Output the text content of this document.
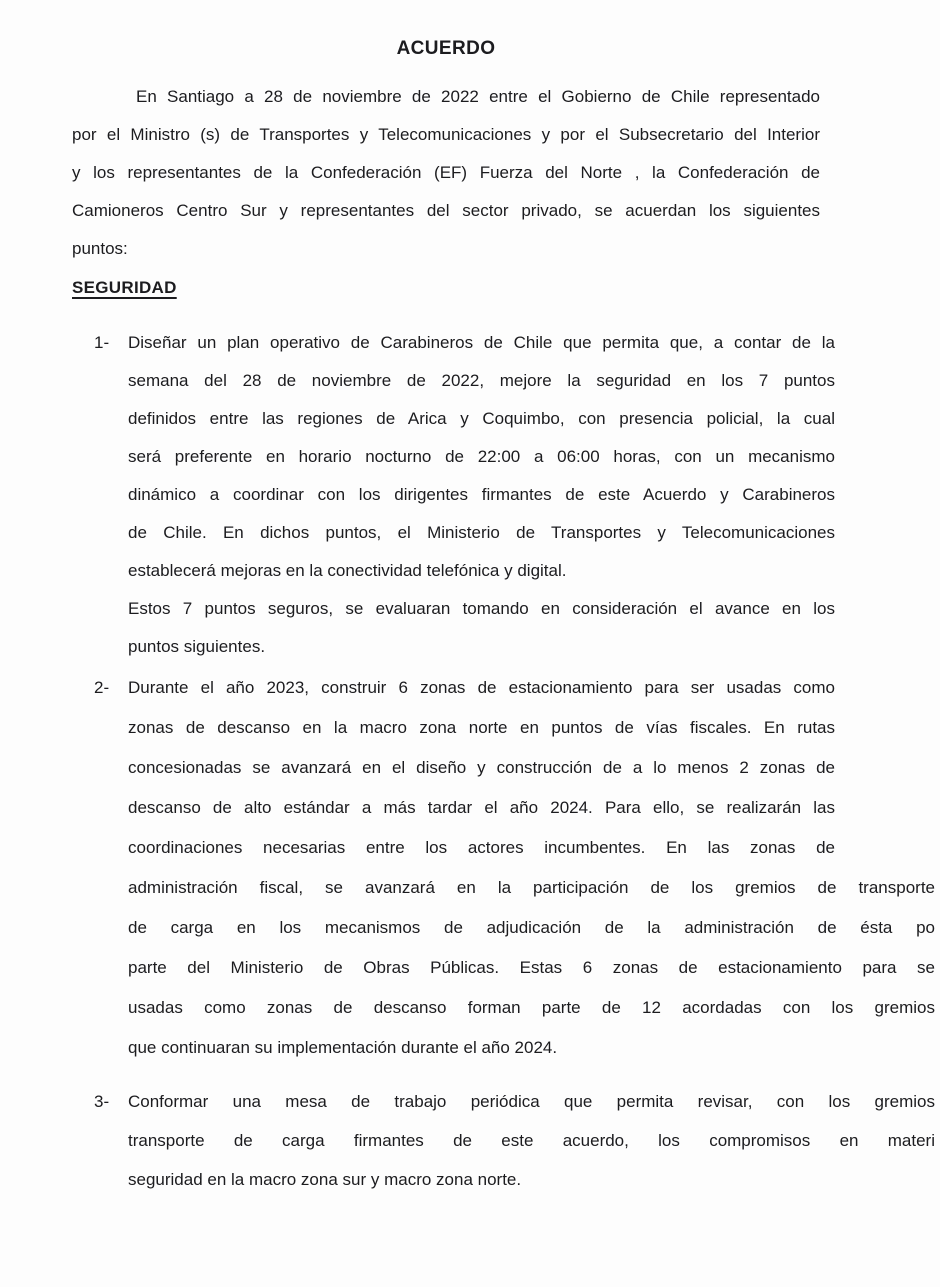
ACUERDO
En Santiago a 28 de noviembre de 2022 entre el Gobierno de Chile representado
por el Ministro (s) de Transportes y Telecomunicaciones y por el Subsecretario del Interior
y los representantes de la Confederación (EF) Fuerza del Norte , la Confederación de
Camioneros Centro Sur y representantes del sector privado, se acuerdan los siguientes
puntos:
SEGURIDAD
1- Diseñar un plan operativo de Carabineros de Chile que permita que, a contar de la
semana del 28 de noviembre de 2022, mejore la seguridad en los 7 puntos
definidos entre las regiones de Arica y Coquimbo, con presencia policial, la cual
será preferente en horario nocturno de 22:00 a 06:00 horas, con un mecanismo
dinámico a coordinar con los dirigentes firmantes de este Acuerdo y Carabineros
de Chile. En dichos puntos, el Ministerio de Transportes y Telecomunicaciones
establecerá mejoras en la conectividad telefónica y digital.
Estos 7 puntos seguros, se evaluaran tomando en consideración el avance en los
puntos siguientes.
2- Durante el año 2023, construir 6 zonas de estacionamiento para ser usadas como
zonas de descanso en la macro zona norte en puntos de vías fiscales. En rutas
concesionadas se avanzará en el diseño y construcción de a lo menos 2 zonas de
descanso de alto estándar a más tardar el año 2024. Para ello, se realizarán las
coordinaciones necesarias entre los actores incumbentes. En las zonas de
administración fiscal, se avanzará en la participación de los gremios de transporte
de carga en los mecanismos de adjudicación de la administración de ésta po
parte del Ministerio de Obras Públicas. Estas 6 zonas de estacionamiento para se
usadas como zonas de descanso forman parte de 12 acordadas con los gremios
que continuaran su implementación durante el año 2024.
3- Conformar una mesa de trabajo periódica que permita revisar, con los gremios
transporte de carga firmantes de este acuerdo, los compromisos en materi
seguridad en la macro zona sur y macro zona norte.
